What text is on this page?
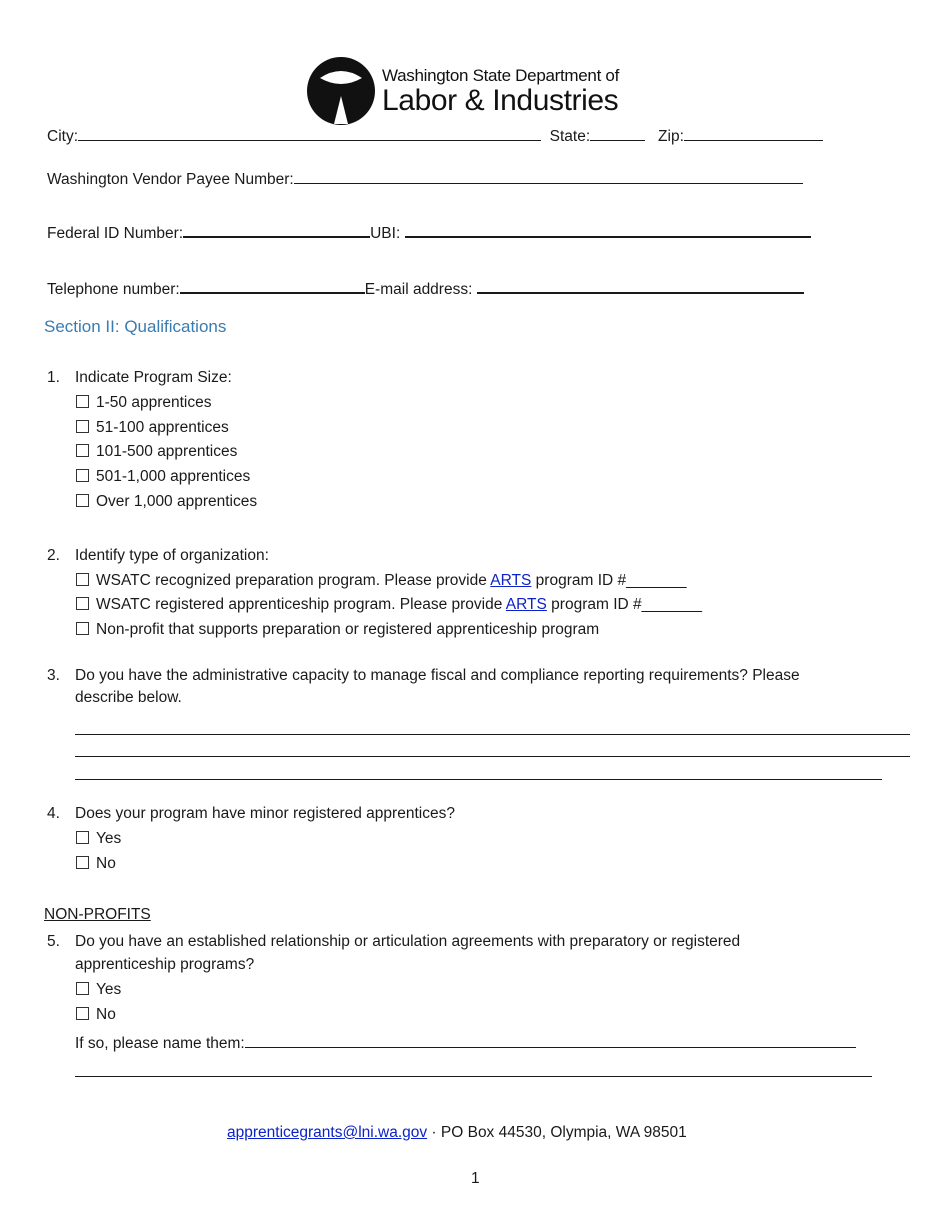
Washington State Department of
Labor & Industries
City:	State:	Zip:
Washington Vendor Payee Number:
Federal ID Number:	UBI:
Telephone number:	E-mail address:
Section II: Qualifications
1. Indicate Program Size:
1-50 apprentices
51-100 apprentices
101-500 apprentices
501-1,000 apprentices
Over 1,000 apprentices
2. Identify type of organization:
WSATC recognized preparation program. Please provide ARTS program ID #_______
WSATC registered apprenticeship program. Please provide ARTS program ID #_______
Non-profit that supports preparation or registered apprenticeship program
3. Do you have the administrative capacity to manage fiscal and compliance reporting requirements? Please
describe below.
4. Does your program have minor registered apprentices?
Yes
No
NON-PROFITS
5. Do you have an established relationship or articulation agreements with preparatory or registered
apprenticeship programs?
Yes
No
If so, please name them:
apprenticegrants@lni.wa.gov · PO Box 44530, Olympia, WA 98501
1
